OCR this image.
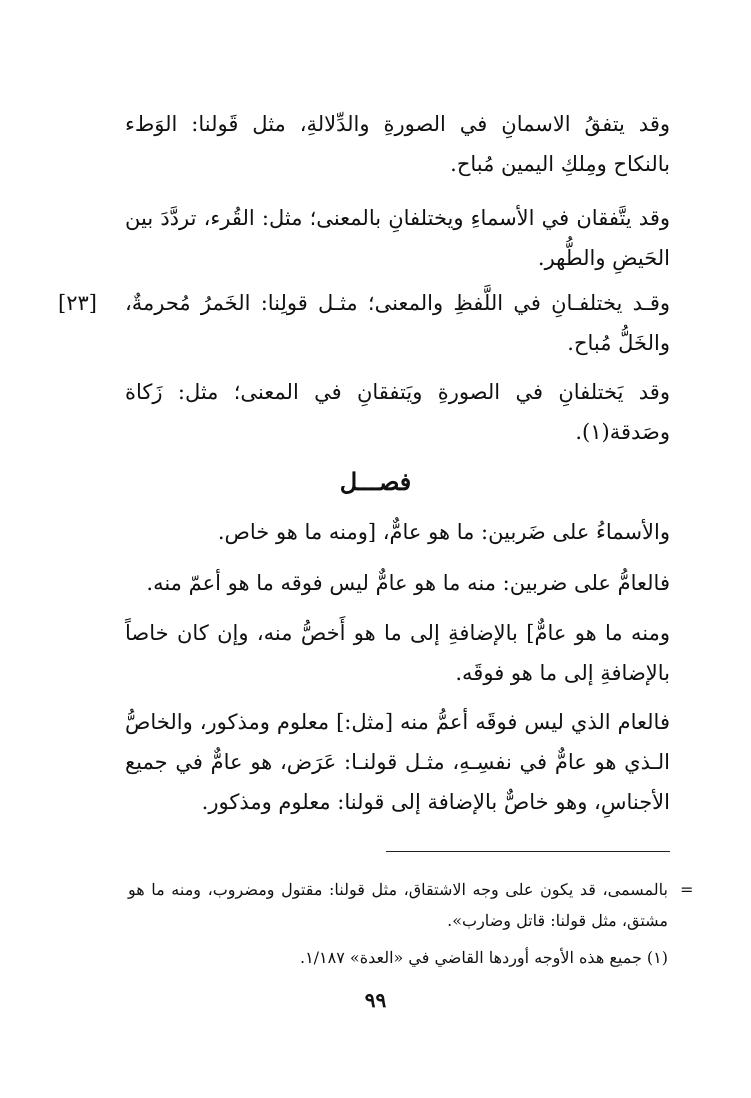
وقد يتفقُ الاسمانِ في الصورةِ والدِّلالةِ، مثل قَولنا: الوَطء بالنكاح ومِلكِ اليمين مُباح.

وقد يتَّفقان في الأسماءِ ويختلفانِ بالمعنى؛ مثل: القُرء، تردَّدَ بين الحَيضِ والطُّهر.

[٢٣] وقـد يختلفـانِ في اللَّفظِ والمعنى؛ مثـل قولِنا: الخَمرُ مُحرمةٌ، والخَلُّ مُباح.

وقد يَختلفانِ في الصورةِ ويَتفقانِ في المعنى؛ مثل: زَكاة وصَدقة(١).

فصـــل

والأسماءُ على ضَربين: ما هو عامٌّ، [ومنه ما هو خاص.

فالعامُّ على ضربين: منه ما هو عامٌّ ليس فوقه ما هو أعمّ منه.

ومنه ما هو عامٌّ] بالإضافةِ إلى ما هو أَخصُّ منه، وإن كان خاصاً بالإضافةِ إلى ما هو فوقَه.

فالعام الذي ليس فوقَه أعمُّ منه [مثل:] معلوم ومذكور، والخاصُّ الـذي هو عامٌّ في نفسِـهِ، مثـل قولنـا: عَرَض، هو عامٌّ في جميع الأجناسِ، وهو خاصٌّ بالإضافة إلى قولنا: معلوم ومذكور.

=

بالمسمى، قد يكون على وجه الاشتقاق، مثل قولنا: مقتول ومضروب، ومنه ما هو مشتق، مثل قولنا: قاتل وضارب».

(١) جميع هذه الأوجه أوردها القاضي في «العدة» ١/١٨٧.

٩٩
